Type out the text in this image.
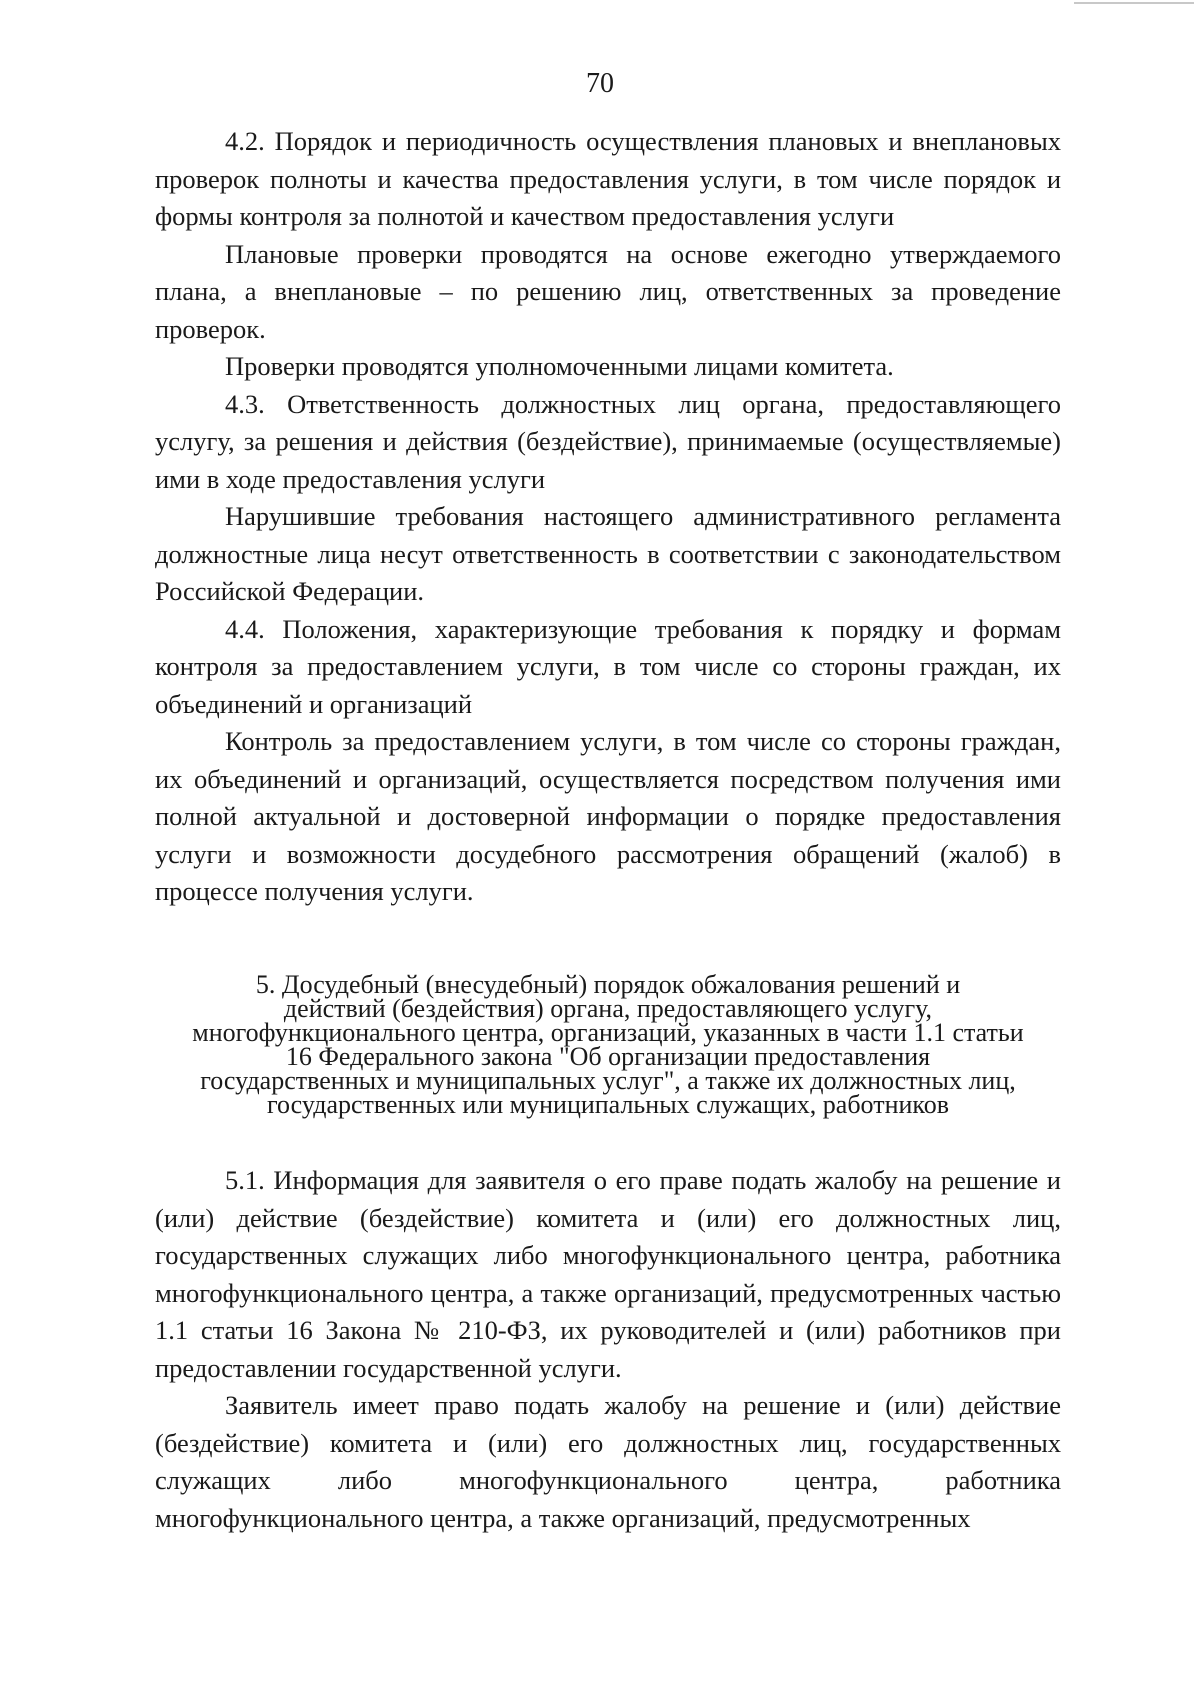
70

4.2. Порядок и периодичность осуществления плановых и внеплановых проверок полноты и качества предоставления услуги, в том числе порядок и формы контроля за полнотой и качеством предоставления услуги

Плановые проверки проводятся на основе ежегодно утверждаемого плана, а внеплановые – по решению лиц, ответственных за проведение проверок.

Проверки проводятся уполномоченными лицами комитета.

4.3. Ответственность должностных лиц органа, предоставляющего услугу, за решения и действия (бездействие), принимаемые (осуществляемые) ими в ходе предоставления услуги

Нарушившие требования настоящего административного регламента должностные лица несут ответственность в соответствии с законодательством Российской Федерации.

4.4. Положения, характеризующие требования к порядку и формам контроля за предоставлением услуги, в том числе со стороны граждан, их объединений и организаций

Контроль за предоставлением услуги, в том числе со стороны граждан, их объединений и организаций, осуществляется посредством получения ими полной актуальной и достоверной информации о порядке предоставления услуги и возможности досудебного рассмотрения обращений (жалоб) в процессе получения услуги.

5. Досудебный (внесудебный) порядок обжалования решений и
действий (бездействия) органа, предоставляющего услугу,
многофункционального центра, организаций, указанных в части 1.1 статьи
16 Федерального закона "Об организации предоставления
государственных и муниципальных услуг", а также их должностных лиц,
государственных или муниципальных служащих, работников

5.1. Информация для заявителя о его праве подать жалобу на решение и (или) действие (бездействие) комитета и (или) его должностных лиц, государственных служащих либо многофункционального центра, работника многофункционального центра, а также организаций, предусмотренных частью 1.1 статьи 16 Закона № 210-ФЗ, их руководителей и (или) работников при предоставлении государственной услуги.

Заявитель имеет право подать жалобу на решение и (или) действие (бездействие) комитета и (или) его должностных лиц, государственных служащих либо многофункционального центра, работника многофункционального центра, а также организаций, предусмотренных
